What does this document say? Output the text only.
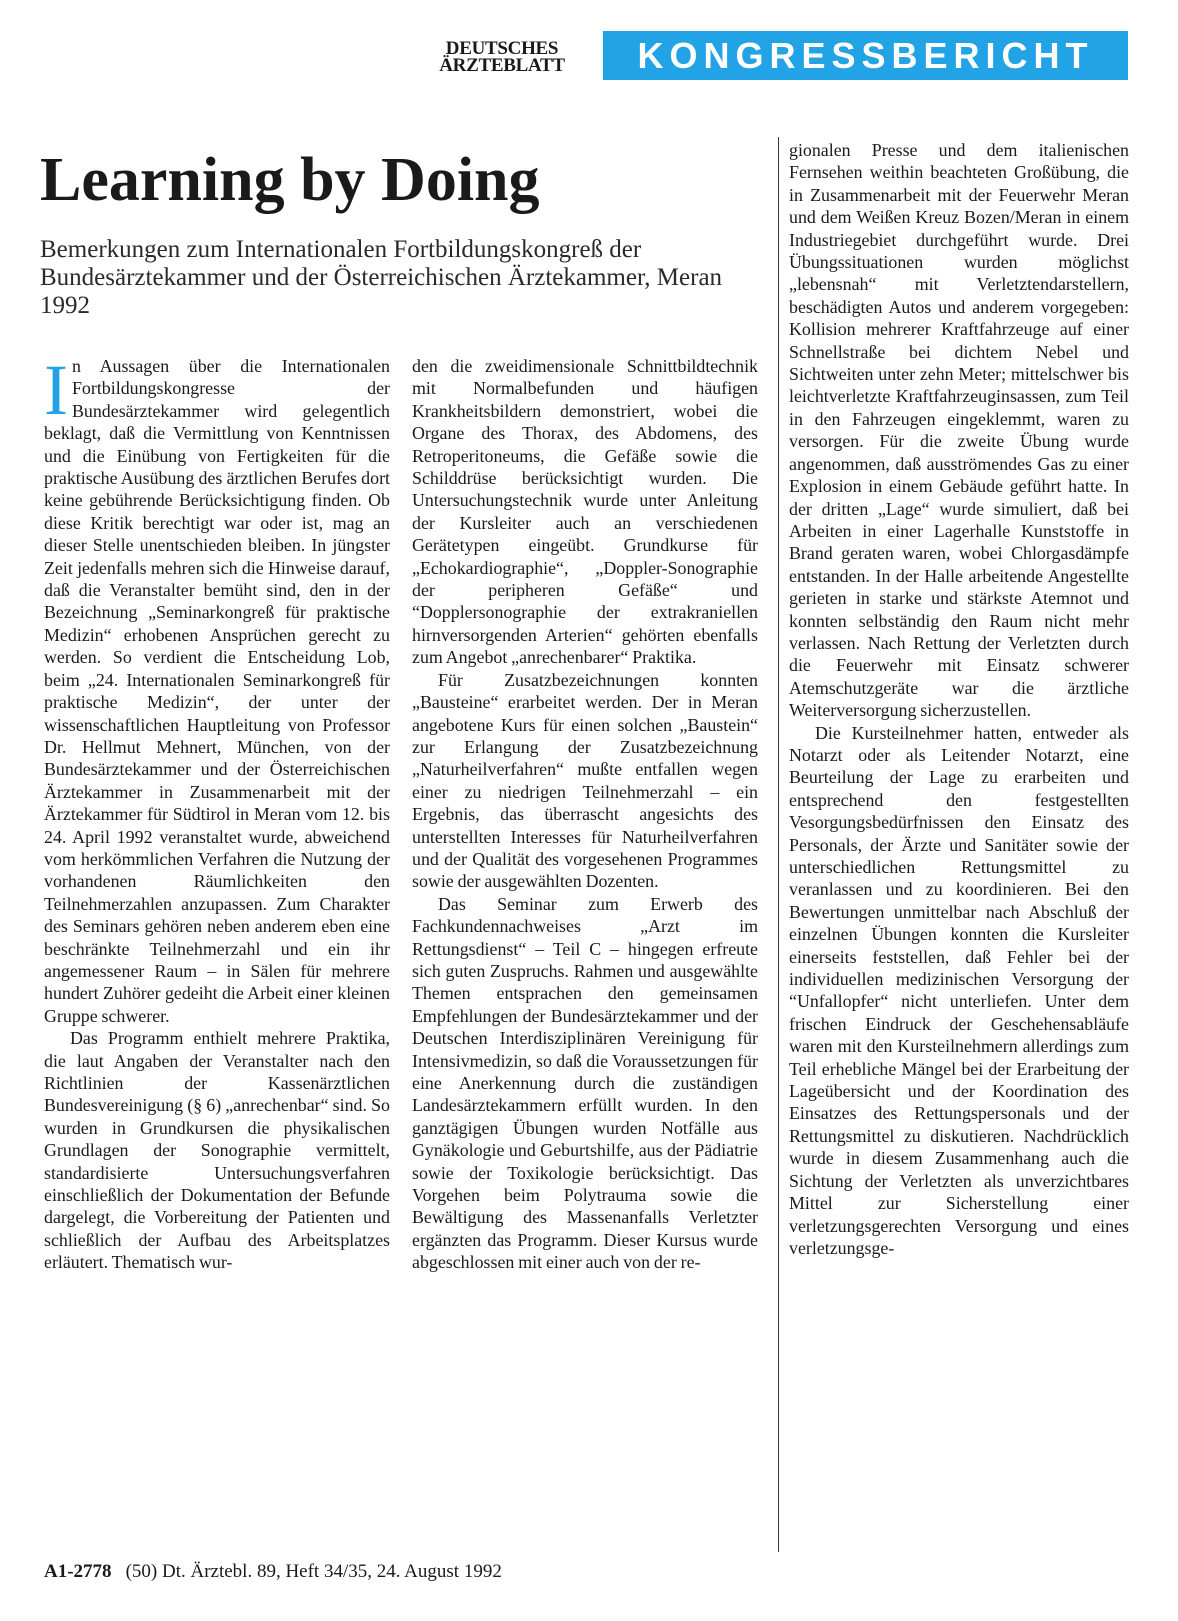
DEUTSCHES
ÄRZTEBLATT	KONGRESSBERICHT
Learning by Doing

Bemerkungen zum Internationalen Fortbildungskongreß der Bundesärztekammer und der Österreichischen Ärztekammer, Meran 1992

I n Aussagen über die Internationalen Fortbildungskongresse der Bundesärztekammer wird gelegentlich beklagt, daß die Vermittlung von Kenntnissen und die Einübung von Fertigkeiten für die praktische Ausübung des ärztlichen Berufes dort keine gebührende Berücksichtigung finden. Ob diese Kritik berechtigt war oder ist, mag an dieser Stelle unentschieden bleiben. In jüngster Zeit jedenfalls mehren sich die Hinweise darauf, daß die Veranstalter bemüht sind, den in der Bezeichnung „Seminarkongreß für praktische Medizin“ erhobenen Ansprüchen gerecht zu werden. So verdient die Entscheidung Lob, beim „24. Internationalen Seminarkongreß für praktische Medizin“, der unter der wissenschaftlichen Hauptleitung von Professor Dr. Hellmut Mehnert, München, von der Bundesärztekammer und der Österreichischen Ärztekammer in Zusammenarbeit mit der Ärztekammer für Südtirol in Meran vom 12. bis 24. April 1992 veranstaltet wurde, abweichend vom herkömmlichen Verfahren die Nutzung der vorhandenen Räumlichkeiten den Teilnehmerzahlen anzupassen. Zum Charakter des Seminars gehören neben anderem eben eine beschränkte Teilnehmerzahl und ein ihr angemessener Raum – in Sälen für mehrere hundert Zuhörer gedeiht die Arbeit einer kleinen Gruppe schwerer.

Das Programm enthielt mehrere Praktika, die laut Angaben der Veranstalter nach den Richtlinien der Kassenärztlichen Bundesvereinigung (§ 6) „anrechenbar“ sind. So wurden in Grundkursen die physikalischen Grundlagen der Sonographie vermittelt, standardisierte Untersuchungsverfahren einschließlich der Dokumentation der Befunde dargelegt, die Vorbereitung der Patienten und schließlich der Aufbau des Arbeitsplatzes erläutert. Thematisch wur-

den die zweidimensionale Schnittbildtechnik mit Normalbefunden und häufigen Krankheitsbildern demonstriert, wobei die Organe des Thorax, des Abdomens, des Retroperitoneums, die Gefäße sowie die Schilddrüse berücksichtigt wurden. Die Untersuchungstechnik wurde unter Anleitung der Kursleiter auch an verschiedenen Gerätetypen eingeübt. Grundkurse für „Echokardiographie“, „Doppler-Sonographie der peripheren Gefäße“ und “Dopplersonographie der extrakraniellen hirnversorgenden Arterien“ gehörten ebenfalls zum Angebot „anrechenbarer“ Praktika.

Für Zusatzbezeichnungen konnten „Bausteine“ erarbeitet werden. Der in Meran angebotene Kurs für einen solchen „Baustein“ zur Erlangung der Zusatzbezeichnung „Naturheilverfahren“ mußte entfallen wegen einer zu niedrigen Teilnehmerzahl – ein Ergebnis, das überrascht angesichts des unterstellten Interesses für Naturheilverfahren und der Qualität des vorgesehenen Programmes sowie der ausgewählten Dozenten.

Das Seminar zum Erwerb des Fachkundennachweises „Arzt im Rettungsdienst“ – Teil C – hingegen erfreute sich guten Zuspruchs. Rahmen und ausgewählte Themen entsprachen den gemeinsamen Empfehlungen der Bundesärztekammer und der Deutschen Interdisziplinären Vereinigung für Intensivmedizin, so daß die Voraussetzungen für eine Anerkennung durch die zuständigen Landesärztekammern erfüllt wurden. In den ganztägigen Übungen wurden Notfälle aus Gynäkologie und Geburtshilfe, aus der Pädiatrie sowie der Toxikologie berücksichtigt. Das Vorgehen beim Polytrauma sowie die Bewältigung des Massenanfalls Verletzter ergänzten das Programm. Dieser Kursus wurde abgeschlossen mit einer auch von der re-

gionalen Presse und dem italienischen Fernsehen weithin beachteten Großübung, die in Zusammenarbeit mit der Feuerwehr Meran und dem Weißen Kreuz Bozen/Meran in einem Industriegebiet durchgeführt wurde. Drei Übungssituationen wurden möglichst „lebensnah“ mit Verletztendarstellern, beschädigten Autos und anderem vorgegeben: Kollision mehrerer Kraftfahrzeuge auf einer Schnellstraße bei dichtem Nebel und Sichtweiten unter zehn Meter; mittelschwer bis leichtverletzte Kraftfahrzeuginsassen, zum Teil in den Fahrzeugen eingeklemmt, waren zu versorgen. Für die zweite Übung wurde angenommen, daß ausströmendes Gas zu einer Explosion in einem Gebäude geführt hatte. In der dritten „Lage“ wurde simuliert, daß bei Arbeiten in einer Lagerhalle Kunststoffe in Brand geraten waren, wobei Chlorgasdämpfe entstanden. In der Halle arbeitende Angestellte gerieten in starke und stärkste Atemnot und konnten selbständig den Raum nicht mehr verlassen. Nach Rettung der Verletzten durch die Feuerwehr mit Einsatz schwerer Atemschutzgeräte war die ärztliche Weiterversorgung sicherzustellen.

Die Kursteilnehmer hatten, entweder als Notarzt oder als Leitender Notarzt, eine Beurteilung der Lage zu erarbeiten und entsprechend den festgestellten Vesorgungsbedürfnissen den Einsatz des Personals, der Ärzte und Sanitäter sowie der unterschiedlichen Rettungsmittel zu veranlassen und zu koordinieren. Bei den Bewertungen unmittelbar nach Abschluß der einzelnen Übungen konnten die Kursleiter einerseits feststellen, daß Fehler bei der individuellen medizinischen Versorgung der “Unfallopfer“ nicht unterliefen. Unter dem frischen Eindruck der Geschehensabläufe waren mit den Kursteilnehmern allerdings zum Teil erhebliche Mängel bei der Erarbeitung der Lageübersicht und der Koordination des Einsatzes des Rettungspersonals und der Rettungsmittel zu diskutieren. Nachdrücklich wurde in diesem Zusammenhang auch die Sichtung der Verletzten als unverzichtbares Mittel zur Sicherstellung einer verletzungsgerechten Versorgung und eines verletzungsge-

A1-2778 (50) Dt. Ärztebl. 89, Heft 34/35, 24. August 1992
